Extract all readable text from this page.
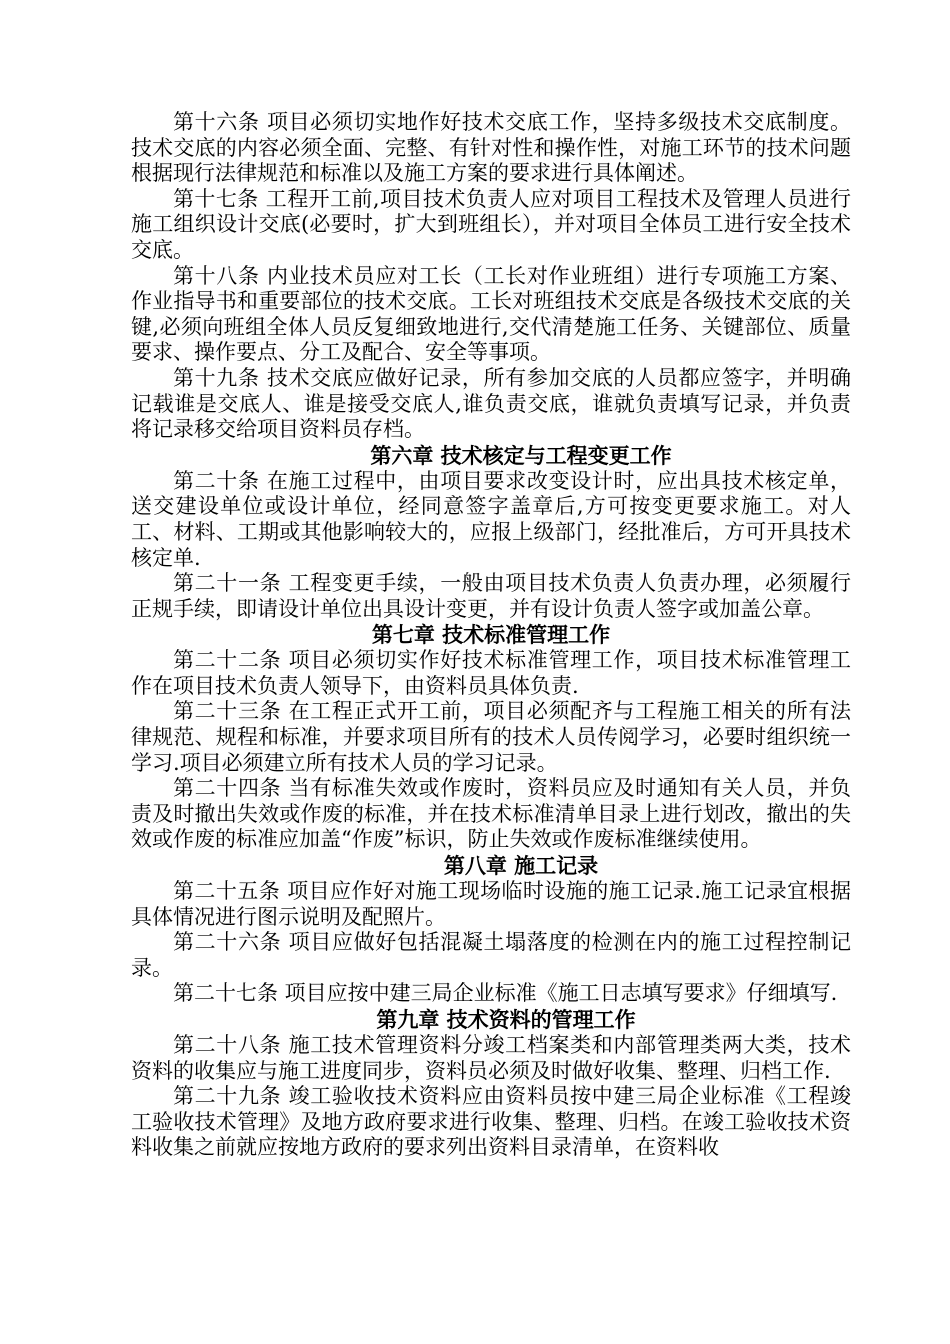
第十六条 项目必须切实地作好技术交底工作，坚持多级技术交底制度。技术交底的内容必须全面、完整、有针对性和操作性，对施工环节的技术问题根据现行法律规范和标准以及施工方案的要求进行具体阐述。

第十七条 工程开工前,项目技术负责人应对项目工程技术及管理人员进行施工组织设计交底(必要时，扩大到班组长），并对项目全体员工进行安全技术交底。

第十八条 内业技术员应对工长（工长对作业班组）进行专项施工方案、作业指导书和重要部位的技术交底。工长对班组技术交底是各级技术交底的关键,必须向班组全体人员反复细致地进行,交代清楚施工任务、关键部位、质量要求、操作要点、分工及配合、安全等事项。

第十九条 技术交底应做好记录，所有参加交底的人员都应签字，并明确记载谁是交底人、谁是接受交底人,谁负责交底，谁就负责填写记录，并负责将记录移交给项目资料员存档。

第六章 技术核定与工程变更工作

第二十条 在施工过程中，由项目要求改变设计时，应出具技术核定单，送交建设单位或设计单位，经同意签字盖章后,方可按变更要求施工。对人工、材料、工期或其他影响较大的，应报上级部门，经批准后，方可开具技术核定单.

第二十一条 工程变更手续，一般由项目技术负责人负责办理，必须履行正规手续，即请设计单位出具设计变更，并有设计负责人签字或加盖公章。

第七章 技术标准管理工作

第二十二条 项目必须切实作好技术标准管理工作，项目技术标准管理工作在项目技术负责人领导下，由资料员具体负责.

第二十三条 在工程正式开工前，项目必须配齐与工程施工相关的所有法律规范、规程和标准，并要求项目所有的技术人员传阅学习，必要时组织统一学习.项目必须建立所有技术人员的学习记录。

第二十四条 当有标准失效或作废时，资料员应及时通知有关人员，并负责及时撤出失效或作废的标准，并在技术标准清单目录上进行划改，撤出的失效或作废的标准应加盖“作废”标识，防止失效或作废标准继续使用。

第八章 施工记录

第二十五条 项目应作好对施工现场临时设施的施工记录.施工记录宜根据具体情况进行图示说明及配照片。

第二十六条 项目应做好包括混凝土塌落度的检测在内的施工过程控制记录。

第二十七条 项目应按中建三局企业标准《施工日志填写要求》仔细填写.

第九章 技术资料的管理工作

第二十八条 施工技术管理资料分竣工档案类和内部管理类两大类，技术资料的收集应与施工进度同步，资料员必须及时做好收集、整理、归档工作.

第二十九条 竣工验收技术资料应由资料员按中建三局企业标准《工程竣工验收技术管理》及地方政府要求进行收集、整理、归档。在竣工验收技术资料收集之前就应按地方政府的要求列出资料目录清单，在资料收
